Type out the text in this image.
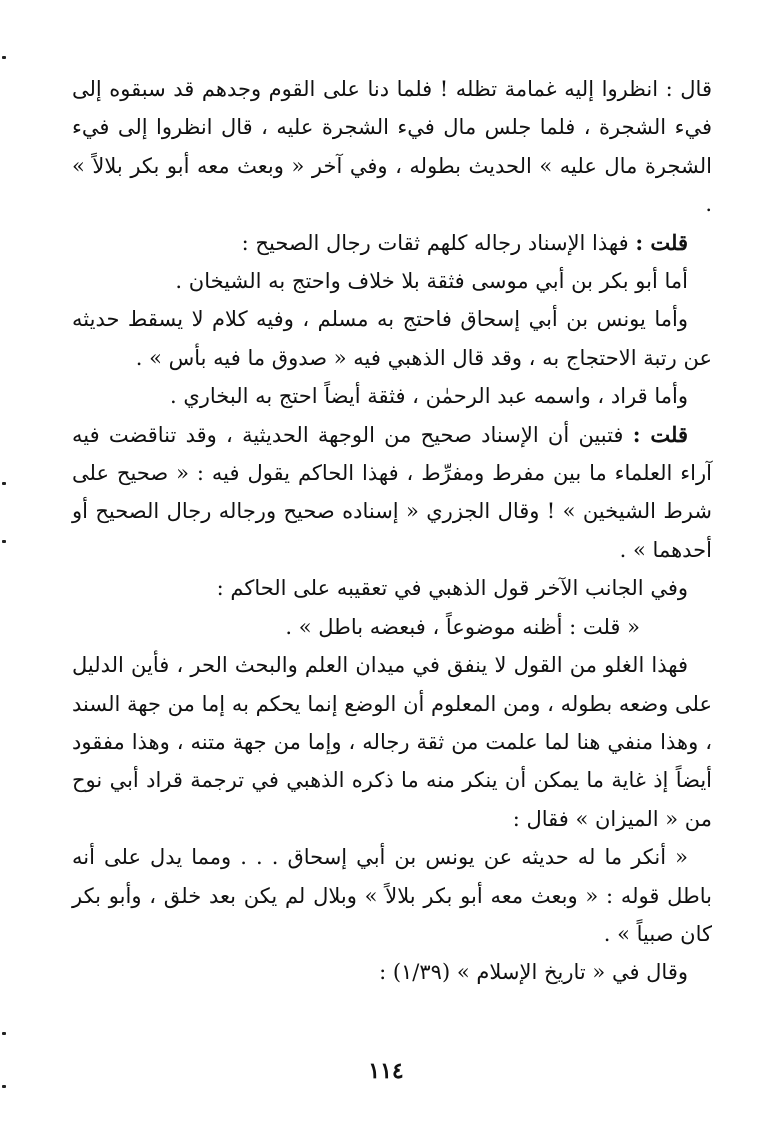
قال : انظروا إليه غمامة تظله ! فلما دنا على القوم وجدهم قد سبقوه إلى فيء الشجرة ، فلما جلس مال فيء الشجرة عليه ، قال انظروا إلى فيء الشجرة مال عليه » الحديث بطوله ، وفي آخر « وبعث معه أبو بكر بلالاً » .

قلت : فهذا الإسناد رجاله كلهم ثقات رجال الصحيح :

أما أبو بكر بن أبي موسى فثقة بلا خلاف واحتج به الشيخان .

وأما يونس بن أبي إسحاق فاحتج به مسلم ، وفيه كلام لا يسقط حديثه عن رتبة الاحتجاج به ، وقد قال الذهبي فيه « صدوق ما فيه بأس » .

وأما قراد ، واسمه عبد الرحمٰن ، فثقة أيضاً احتج به البخاري .

قلت : فتبين أن الإسناد صحيح من الوجهة الحديثية ، وقد تناقضت فيه آراء العلماء ما بين مفرط ومفرِّط ، فهذا الحاكم يقول فيه : « صحيح على شرط الشيخين » ! وقال الجزري « إسناده صحيح ورجاله رجال الصحيح أو أحدهما » .

وفي الجانب الآخر قول الذهبي في تعقيبه على الحاكم :

« قلت : أظنه موضوعاً ، فبعضه باطل » .

فهذا الغلو من القول لا ينفق في ميدان العلم والبحث الحر ، فأين الدليل على وضعه بطوله ، ومن المعلوم أن الوضع إنما يحكم به إما من جهة السند ، وهذا منفي هنا لما علمت من ثقة رجاله ، وإما من جهة متنه ، وهذا مفقود أيضاً إذ غاية ما يمكن أن ينكر منه ما ذكره الذهبي في ترجمة قراد أبي نوح من « الميزان » فقال :

« أنكر ما له حديثه عن يونس بن أبي إسحاق . . . ومما يدل على أنه باطل قوله : « وبعث معه أبو بكر بلالاً » وبلال لم يكن بعد خلق ، وأبو بكر كان صبياً » .

وقال في « تاريخ الإسلام » (١/٣٩) :

١١٤
